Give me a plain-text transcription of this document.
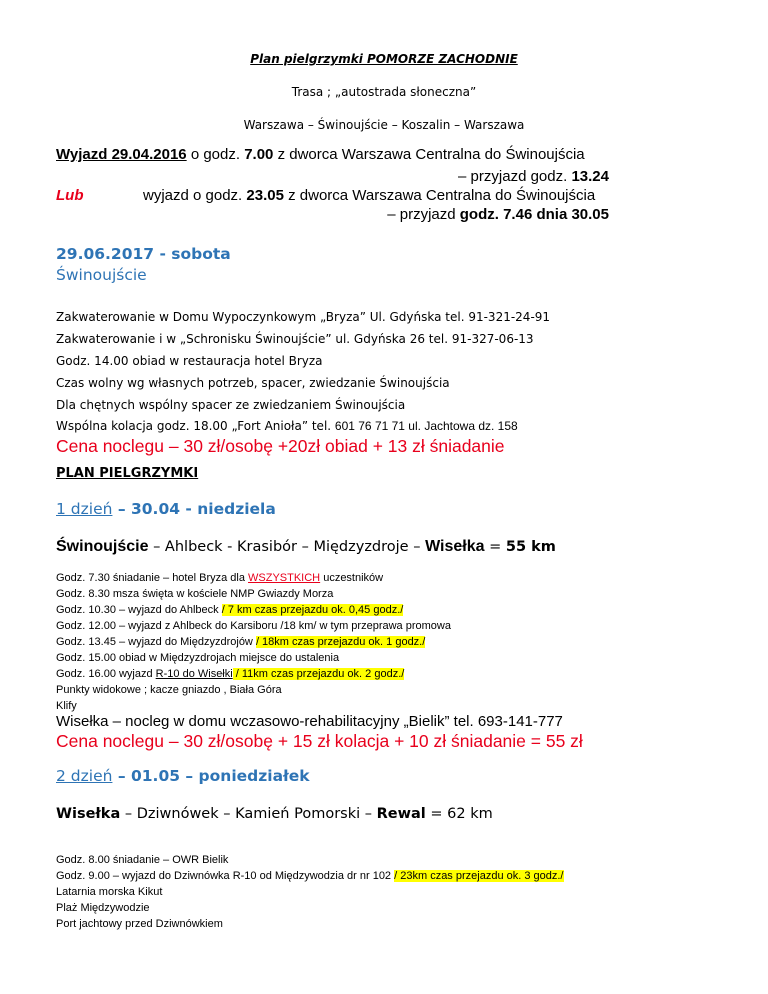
Plan pielgrzymki POMORZE ZACHODNIE
Trasa ; „autostrada słoneczna”
Warszawa – Świnoujście – Koszalin – Warszawa
Wyjazd 29.04.2016 o godz. 7.00 z dworca Warszawa Centralna do Świnoujścia
– przyjazd godz. 13.24
Lub	wyjazd o godz. 23.05 z dworca Warszawa Centralna do Świnoujścia
– przyjazd godz. 7.46 dnia 30.05
29.06.2017 - sobota
Świnoujście
Zakwaterowanie w Domu Wypoczynkowym „Bryza” Ul. Gdyńska tel. 91-321-24-91
Zakwaterowanie i w „Schronisku Świnoujście” ul. Gdyńska 26 tel. 91-327-06-13
Godz. 14.00 obiad w restauracja hotel Bryza
Czas wolny wg własnych potrzeb, spacer, zwiedzanie Świnoujścia
Dla chętnych wspólny spacer ze zwiedzaniem Świnoujścia
Wspólna kolacja godz. 18.00 „Fort Anioła” tel. 601 76 71 71 ul. Jachtowa dz. 158
Cena noclegu – 30 zł/osobę +20zł obiad + 13 zł śniadanie
PLAN PIELGRZYMKI
1 dzień – 30.04 - niedziela
Świnoujście – Ahlbeck - Krasibór – Międzyzdroje – Wisełka = 55 km
Godz. 7.30 śniadanie – hotel Bryza dla WSZYSTKICH uczestników
Godz. 8.30 msza święta w kościele NMP Gwiazdy Morza
Godz. 10.30 – wyjazd do Ahlbeck / 7 km czas przejazdu ok. 0,45 godz./
Godz. 12.00 – wyjazd z Ahlbeck do Karsiboru /18 km/ w tym przeprawa promowa
Godz. 13.45 – wyjazd do Międzyzdrojów / 18km czas przejazdu ok. 1 godz./
Godz. 15.00 obiad w Międzyzdrojach miejsce do ustalenia
Godz. 16.00 wyjazd R-10 do Wisełki / 11km czas przejazdu ok. 2 godz./
Punkty widokowe ; kacze gniazdo , Biała Góra
Klify
Wisełka – nocleg w domu wczasowo-rehabilitacyjny „Bielik” tel. 693-141-777
Cena noclegu – 30 zł/osobę + 15 zł kolacja + 10 zł śniadanie = 55 zł
2 dzień – 01.05 – poniedziałek
Wisełka – Dziwnówek – Kamień Pomorski – Rewal = 62 km
Godz. 8.00 śniadanie – OWR Bielik
Godz. 9.00 – wyjazd do Dziwnówka R-10 od Międzywodzia dr nr 102 / 23km czas przejazdu ok. 3 godz./
Latarnia morska Kikut
Plaż Międzywodzie
Port jachtowy przed Dziwnówkiem
